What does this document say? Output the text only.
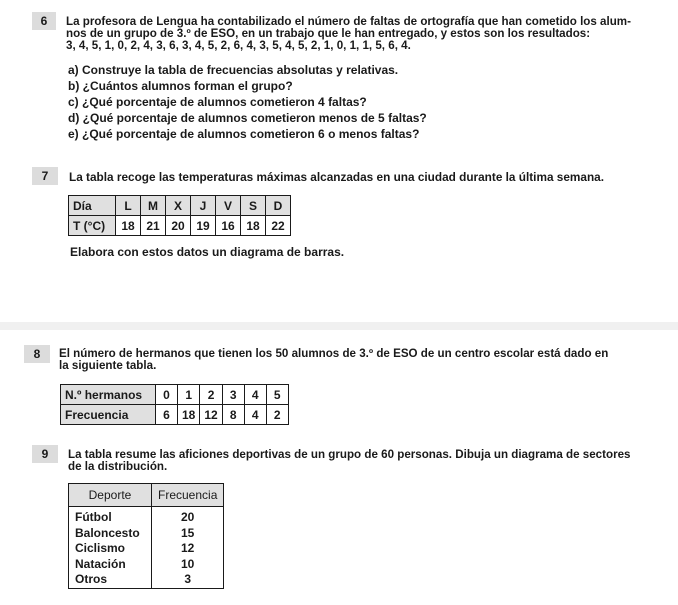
6	La profesora de Lengua ha contabilizado el número de faltas de ortografía que han cometido los alum-
nos de un grupo de 3.º de ESO, en un trabajo que le han entregado, y estos son los resultados:
3, 4, 5, 1, 0, 2, 4, 3, 6, 3, 4, 5, 2, 6, 4, 3, 5, 4, 5, 2, 1, 0, 1, 1, 5, 6, 4.
a) Construye la tabla de frecuencias absolutas y relativas.
b) ¿Cuántos alumnos forman el grupo?
c) ¿Qué porcentaje de alumnos cometieron 4 faltas?
d) ¿Qué porcentaje de alumnos cometieron menos de 5 faltas?
e) ¿Qué porcentaje de alumnos cometieron 6 o menos faltas?
7	La tabla recoge las temperaturas máximas alcanzadas en una ciudad durante la última semana.
Día	L	M	X	J	V	S	D
T (°C)	18	21	20	19	16	18	22
Elabora con estos datos un diagrama de barras.
8	El número de hermanos que tienen los 50 alumnos de 3.º de ESO de un centro escolar está dado en
la siguiente tabla.
N.º hermanos	0	1	2	3	4	5
Frecuencia	6	18	12	8	4	2
9	La tabla resume las aficiones deportivas de un grupo de 60 personas. Dibuja un diagrama de sectores
de la distribución.
Deporte	Frecuencia
Fútbol	20
Baloncesto	15
Ciclismo	12
Natación	10
Otros	3
